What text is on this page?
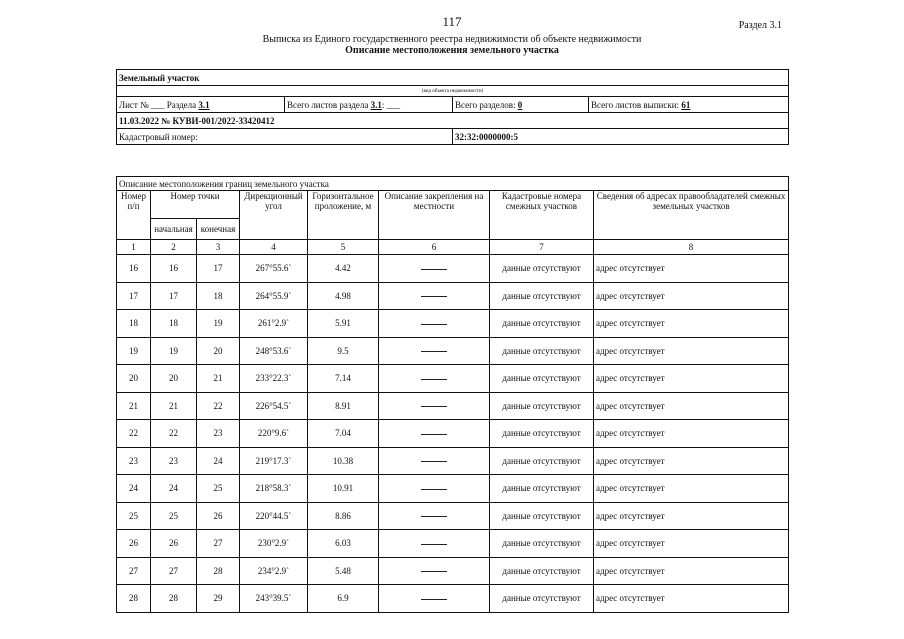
117	Раздел 3.1
Выписка из Единого государственного реестра недвижимости об объекте недвижимости
Описание местоположения земельного участка
Земельный участок			
(вид объекта недвижимости)			
Лист № ___ Раздела 3.1	Всего листов раздела 3.1: ___	Всего разделов: 0	Всего листов выписки: 61
11.03.2022 № КУВИ-001/2022-33420412			
Кадастровый номер:		32:32:0000000:5	
Описание местоположения границ земельного участка							
Номер п/п	Номер точки		Дирекционный угол	Горизонтальное проложение, м	Описание закрепления на местности	Кадастровые номера смежных участков	Сведения об адресах правообладателей смежных земельных участков
	начальная	конечная					
1	2	3	4	5	6	7	8
16	16	17	267°55.6`	4.42		данные отсутствуют	адрес отсутствует
17	17	18	264°55.9`	4.98		данные отсутствуют	адрес отсутствует
18	18	19	261°2.9`	5.91		данные отсутствуют	адрес отсутствует
19	19	20	248°53.6`	9.5		данные отсутствуют	адрес отсутствует
20	20	21	233°22.3`	7.14		данные отсутствуют	адрес отсутствует
21	21	22	226°54.5`	8.91		данные отсутствуют	адрес отсутствует
22	22	23	220°9.6`	7.04		данные отсутствуют	адрес отсутствует
23	23	24	219°17.3`	10.38		данные отсутствуют	адрес отсутствует
24	24	25	218°58.3`	10.91		данные отсутствуют	адрес отсутствует
25	25	26	220°44.5`	8.86		данные отсутствуют	адрес отсутствует
26	26	27	230°2.9`	6.03		данные отсутствуют	адрес отсутствует
27	27	28	234°2.9`	5.48		данные отсутствуют	адрес отсутствует
28	28	29	243°39.5`	6.9		данные отсутствуют	адрес отсутствует
